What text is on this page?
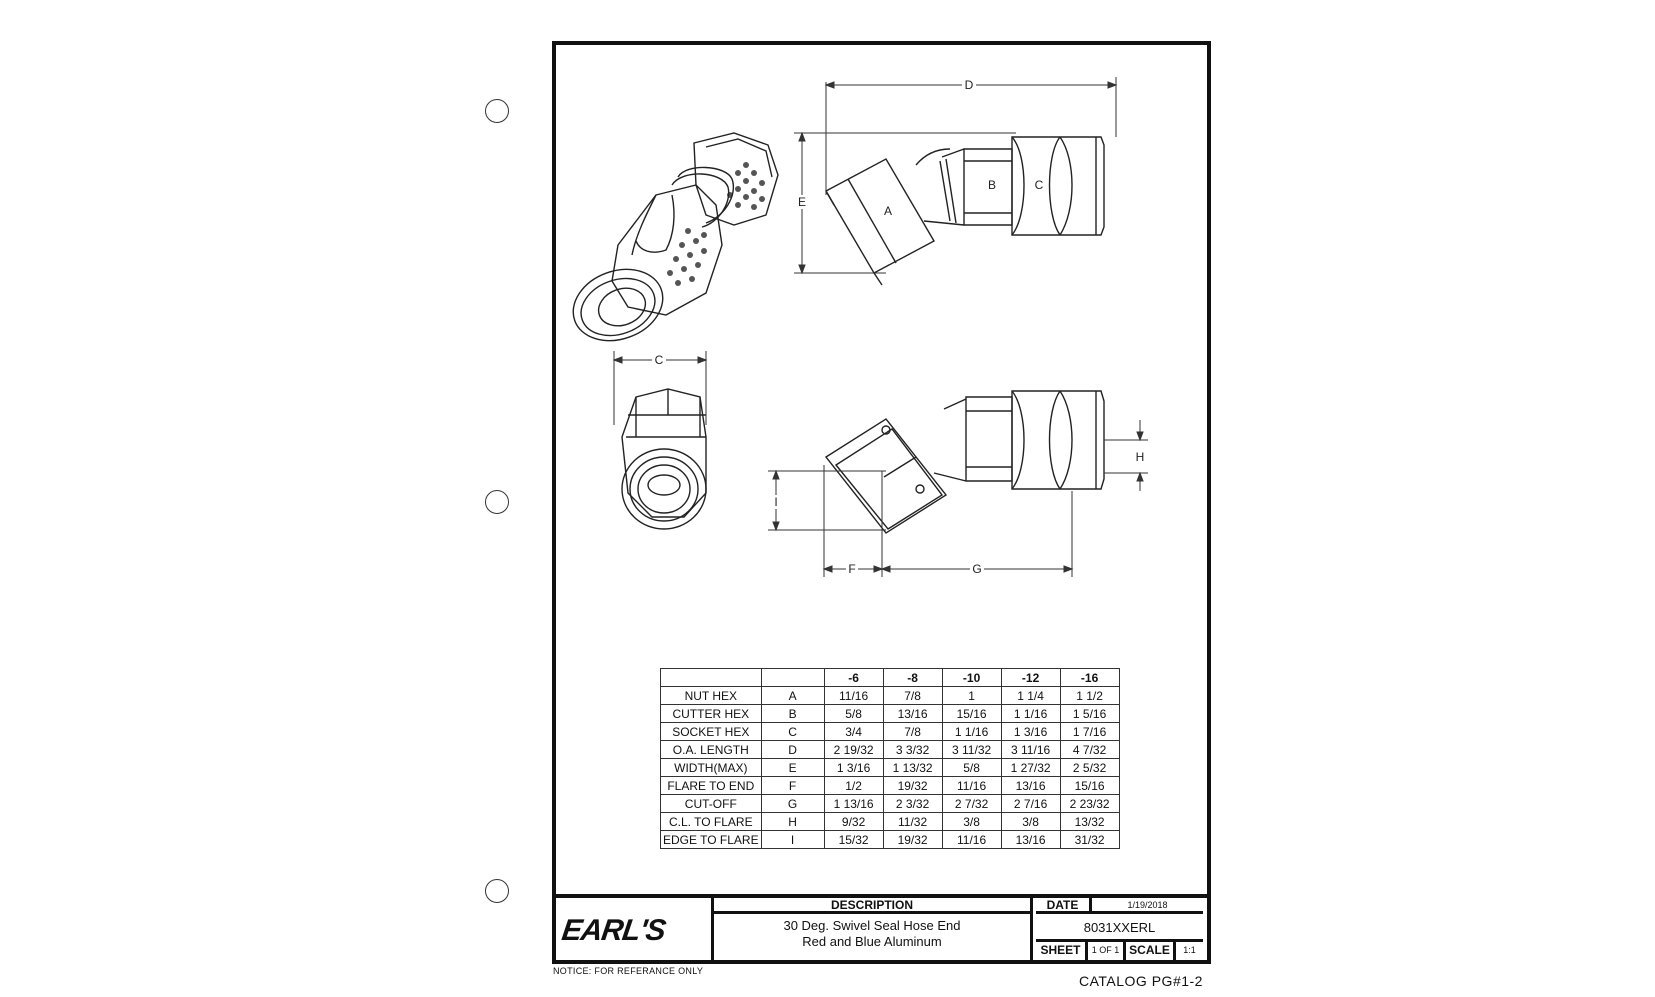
D
E
A
B	C
C
H
I
F	G
		-6	-8	-10	-12	-16
NUT HEX	A	11/16	7/8	1	1 1/4	1 1/2
CUTTER HEX	B	5/8	13/16	15/16	1 1/16	1 5/16
SOCKET HEX	C	3/4	7/8	1 1/16	1 3/16	1 7/16
O.A. LENGTH	D	2 19/32	3 3/32	3 11/32	3 11/16	4 7/32
WIDTH(MAX)	E	1 3/16	1 13/32	5/8	1 27/32	2 5/32
FLARE TO END	F	1/2	19/32	11/16	13/16	15/16
CUT-OFF	G	1 13/16	2 3/32	2 7/32	2 7/16	2 23/32
C.L. TO FLARE	H	9/32	11/32	3/8	3/8	13/32
EDGE TO FLARE	I	15/32	19/32	11/16	13/16	31/32
EARL'S
DESCRIPTION
30 Deg. Swivel Seal Hose End
Red and Blue Aluminum
DATE	1/19/2018
8031XXERL
SHEET	1 OF 1 SCALE	1:1
NOTICE: FOR REFERANCE ONLY
CATALOG PG#1-2
